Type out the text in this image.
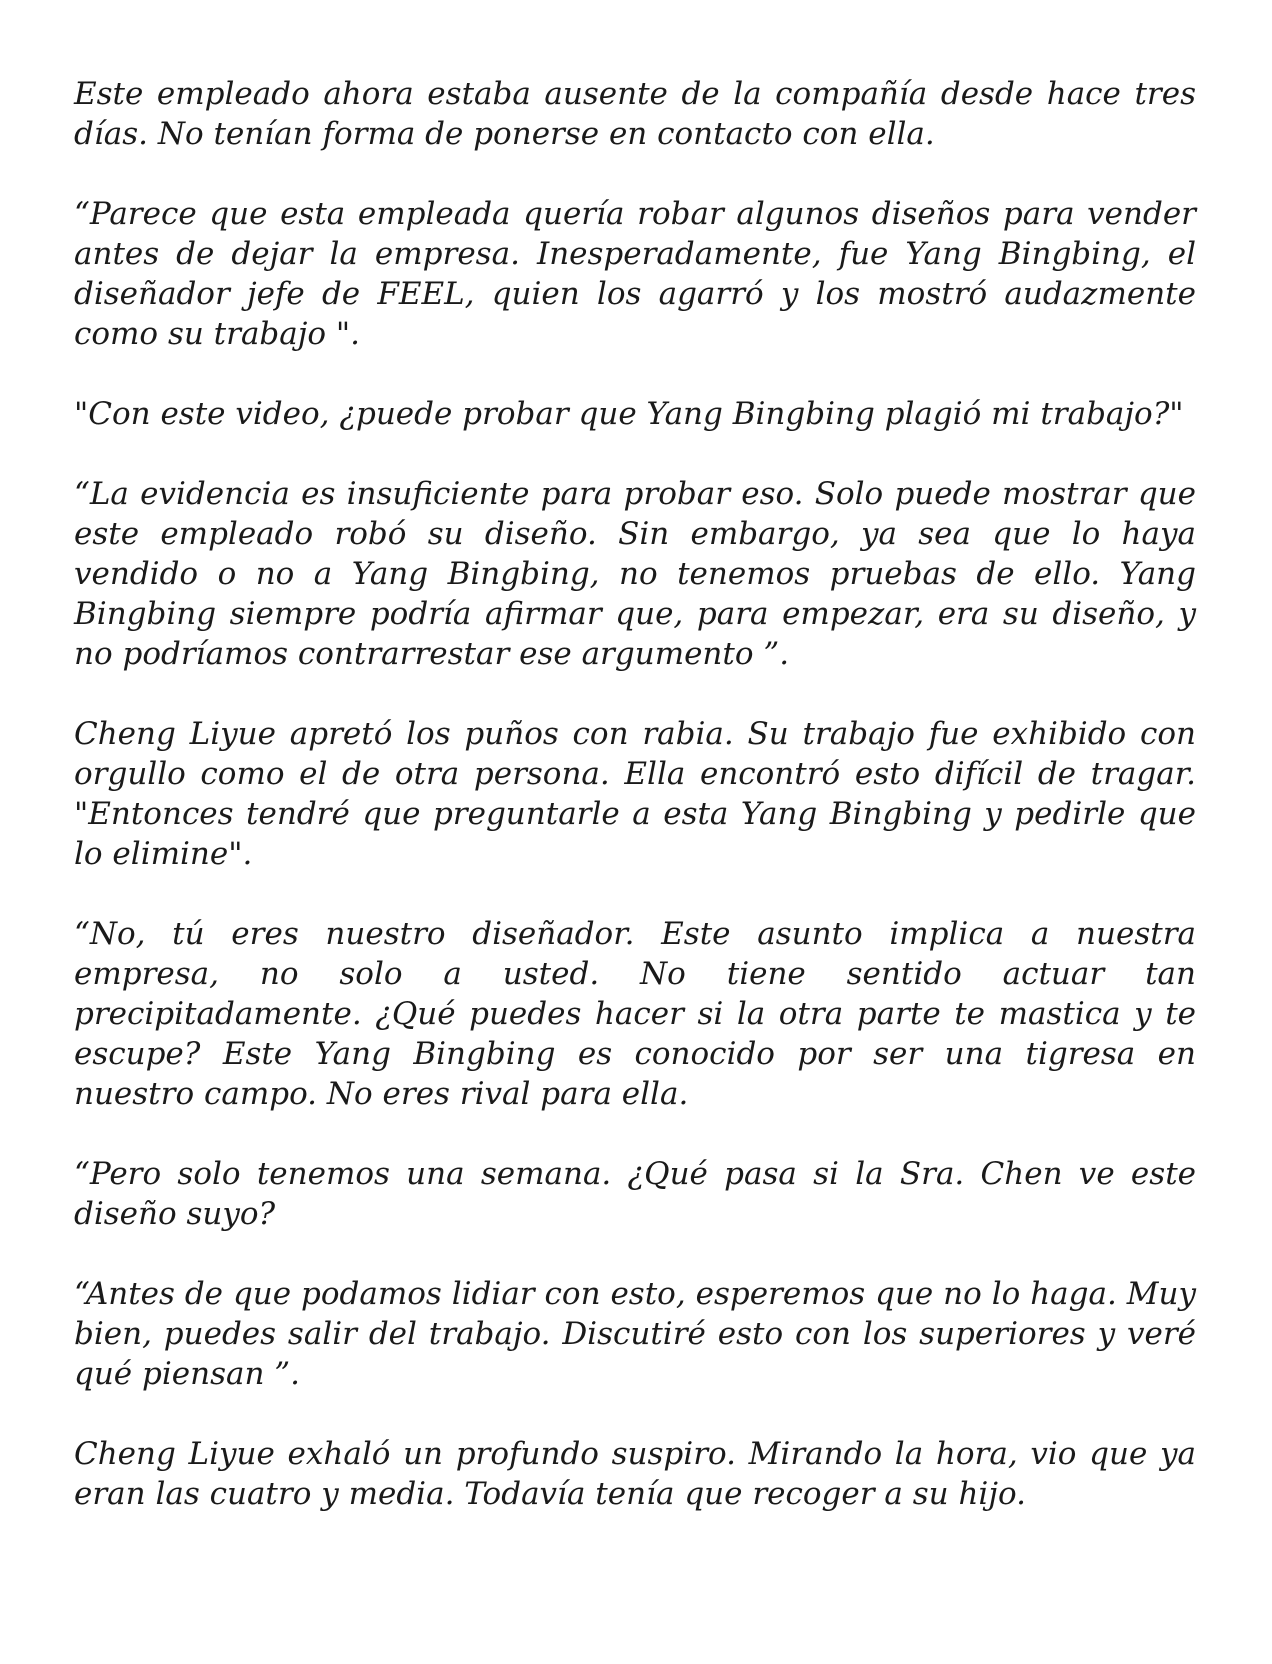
Este empleado ahora estaba ausente de la compañía desde hace tres días. No tenían forma de ponerse en contacto con ella.

“Parece que esta empleada quería robar algunos diseños para vender antes de dejar la empresa. Inesperadamente, fue Yang Bingbing, el diseñador jefe de FEEL, quien los agarró y los mostró audazmente como su trabajo ".

"Con este video, ¿puede probar que Yang Bingbing plagió mi trabajo?"

“La evidencia es insuficiente para probar eso. Solo puede mostrar que este empleado robó su diseño. Sin embargo, ya sea que lo haya vendido o no a Yang Bingbing, no tenemos pruebas de ello. Yang Bingbing siempre podría afirmar que, para empezar, era su diseño, y no podríamos contrarrestar ese argumento ”.

Cheng Liyue apretó los puños con rabia. Su trabajo fue exhibido con orgullo como el de otra persona. Ella encontró esto difícil de tragar. "Entonces tendré que preguntarle a esta Yang Bingbing y pedirle que lo elimine".

“No, tú eres nuestro diseñador. Este asunto implica a nuestra empresa, no solo a usted. No tiene sentido actuar tan precipitadamente. ¿Qué puedes hacer si la otra parte te mastica y te escupe? Este Yang Bingbing es conocido por ser una tigresa en nuestro campo. No eres rival para ella.

“Pero solo tenemos una semana. ¿Qué pasa si la Sra. Chen ve este diseño suyo?

“Antes de que podamos lidiar con esto, esperemos que no lo haga. Muy bien, puedes salir del trabajo. Discutiré esto con los superiores y veré qué piensan ”.

Cheng Liyue exhaló un profundo suspiro. Mirando la hora, vio que ya eran las cuatro y media. Todavía tenía que recoger a su hijo.
